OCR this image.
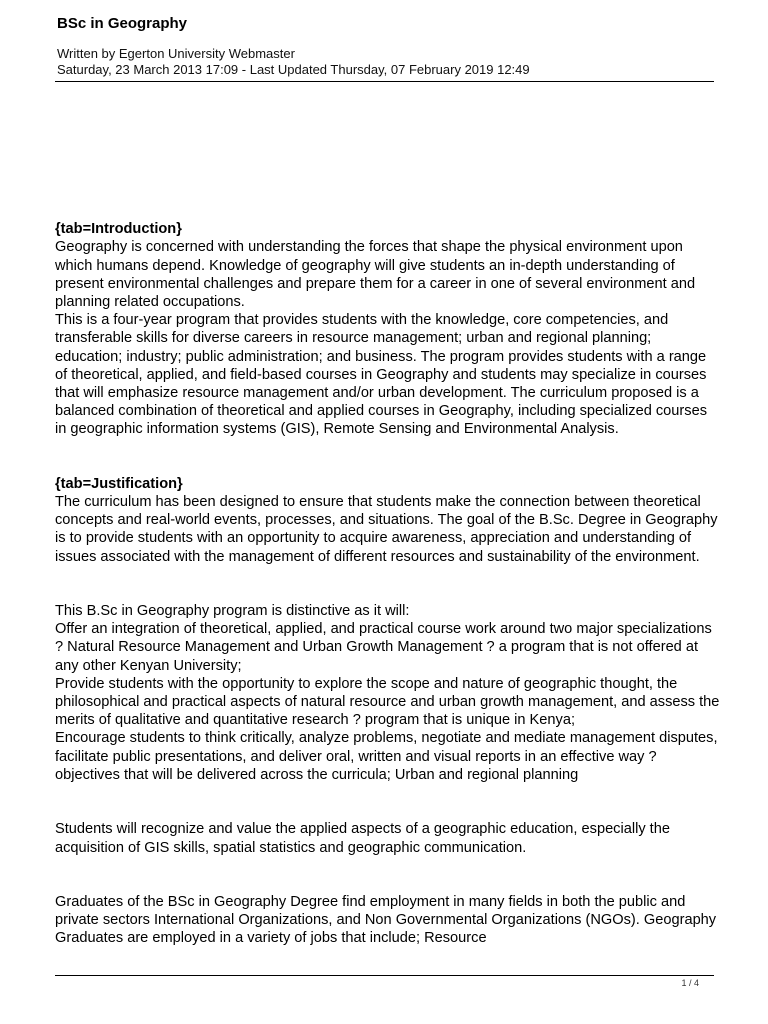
BSc in Geography
Written by Egerton University Webmaster
Saturday, 23 March 2013 17:09 - Last Updated Thursday, 07 February 2019 12:49

{tab=Introduction}
Geography is concerned with understanding the forces that shape the physical environment upon which humans depend. Knowledge of geography will give students an in-depth understanding of present environmental challenges and prepare them for a career in one of several environment and planning related occupations.
This is a four-year program that provides students with the knowledge, core competencies, and transferable skills for diverse careers in resource management; urban and regional planning; education; industry; public administration; and business. The program provides students with a range of theoretical, applied, and field-based courses in Geography and students may specialize in courses that will emphasize resource management and/or urban development. The curriculum proposed is a balanced combination of theoretical and applied courses in Geography, including specialized courses in geographic information systems (GIS), Remote Sensing and Environmental Analysis.

{tab=Justification}
The curriculum has been designed to ensure that students make the connection between theoretical concepts and real-world events, processes, and situations. The goal of the B.Sc. Degree in Geography is to provide students with an opportunity to acquire awareness, appreciation and understanding of issues associated with the management of different resources and sustainability of the environment.

This B.Sc in Geography program is distinctive as it will:
Offer an integration of theoretical, applied, and practical course work around two major specializations ? Natural Resource Management and Urban Growth Management ? a program that is not offered at any other Kenyan University;
Provide students with the opportunity to explore the scope and nature of geographic thought, the philosophical and practical aspects of natural resource and urban growth management, and assess the merits of qualitative and quantitative research ? program that is unique in Kenya;
Encourage students to think critically, analyze problems, negotiate and mediate management disputes, facilitate public presentations, and deliver oral, written and visual reports in an effective way ? objectives that will be delivered across the curricula; Urban and regional planning

Students will recognize and value the applied aspects of a geographic education, especially the acquisition of GIS skills, spatial statistics and geographic communication.

Graduates of the BSc in Geography Degree find employment in many fields in both the public and private sectors International Organizations, and Non Governmental Organizations (NGOs). Geography Graduates are employed in a variety of jobs that include; Resource

1 / 4
